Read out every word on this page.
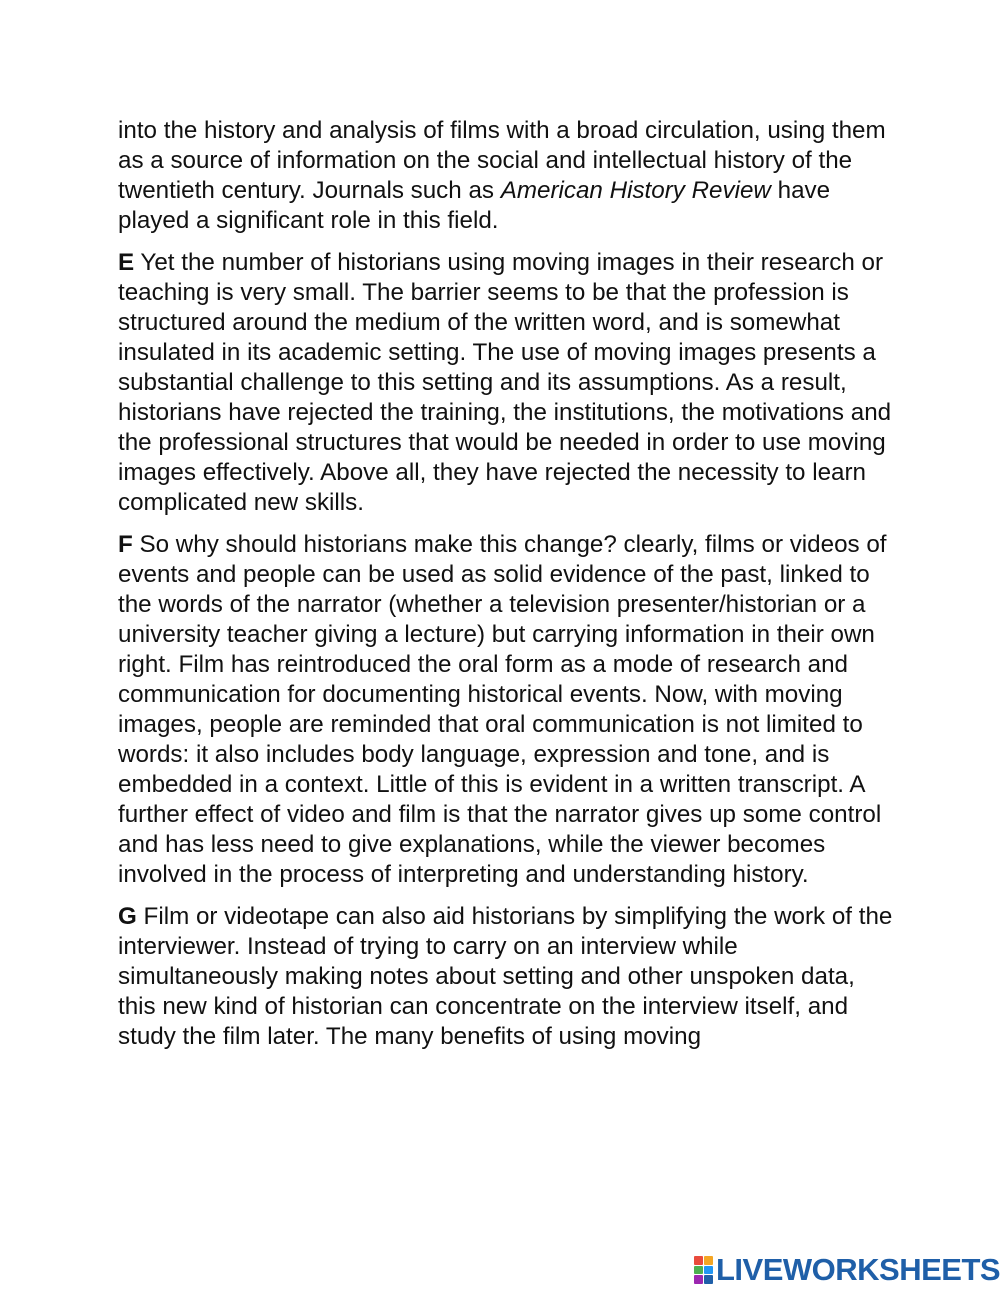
into the history and analysis of films with a broad circulation, using them as a source of information on the social and intellectual history of the twentieth century. Journals such as American History Review have played a significant role in this field.

E Yet the number of historians using moving images in their research or teaching is very small. The barrier seems to be that the profession is structured around the medium of the written word, and is somewhat insulated in its academic setting. The use of moving images presents a substantial challenge to this setting and its assumptions. As a result, historians have rejected the training, the institutions, the motivations and the professional structures that would be needed in order to use moving images effectively. Above all, they have rejected the necessity to learn complicated new skills.

F So why should historians make this change? clearly, films or videos of events and people can be used as solid evidence of the past, linked to the words of the narrator (whether a television presenter/historian or a university teacher giving a lecture) but carrying information in their own right. Film has reintroduced the oral form as a mode of research and communication for documenting historical events. Now, with moving images, people are reminded that oral communication is not limited to words: it also includes body language, expression and tone, and is embedded in a context. Little of this is evident in a written transcript. A further effect of video and film is that the narrator gives up some control and has less need to give explanations, while the viewer becomes involved in the process of interpreting and understanding history.

G Film or videotape can also aid historians by simplifying the work of the interviewer. Instead of trying to carry on an interview while simultaneously making notes about setting and other unspoken data, this new kind of historian can concentrate on the interview itself, and study the film later. The many benefits of using moving

LIVEWORKSHEETS
